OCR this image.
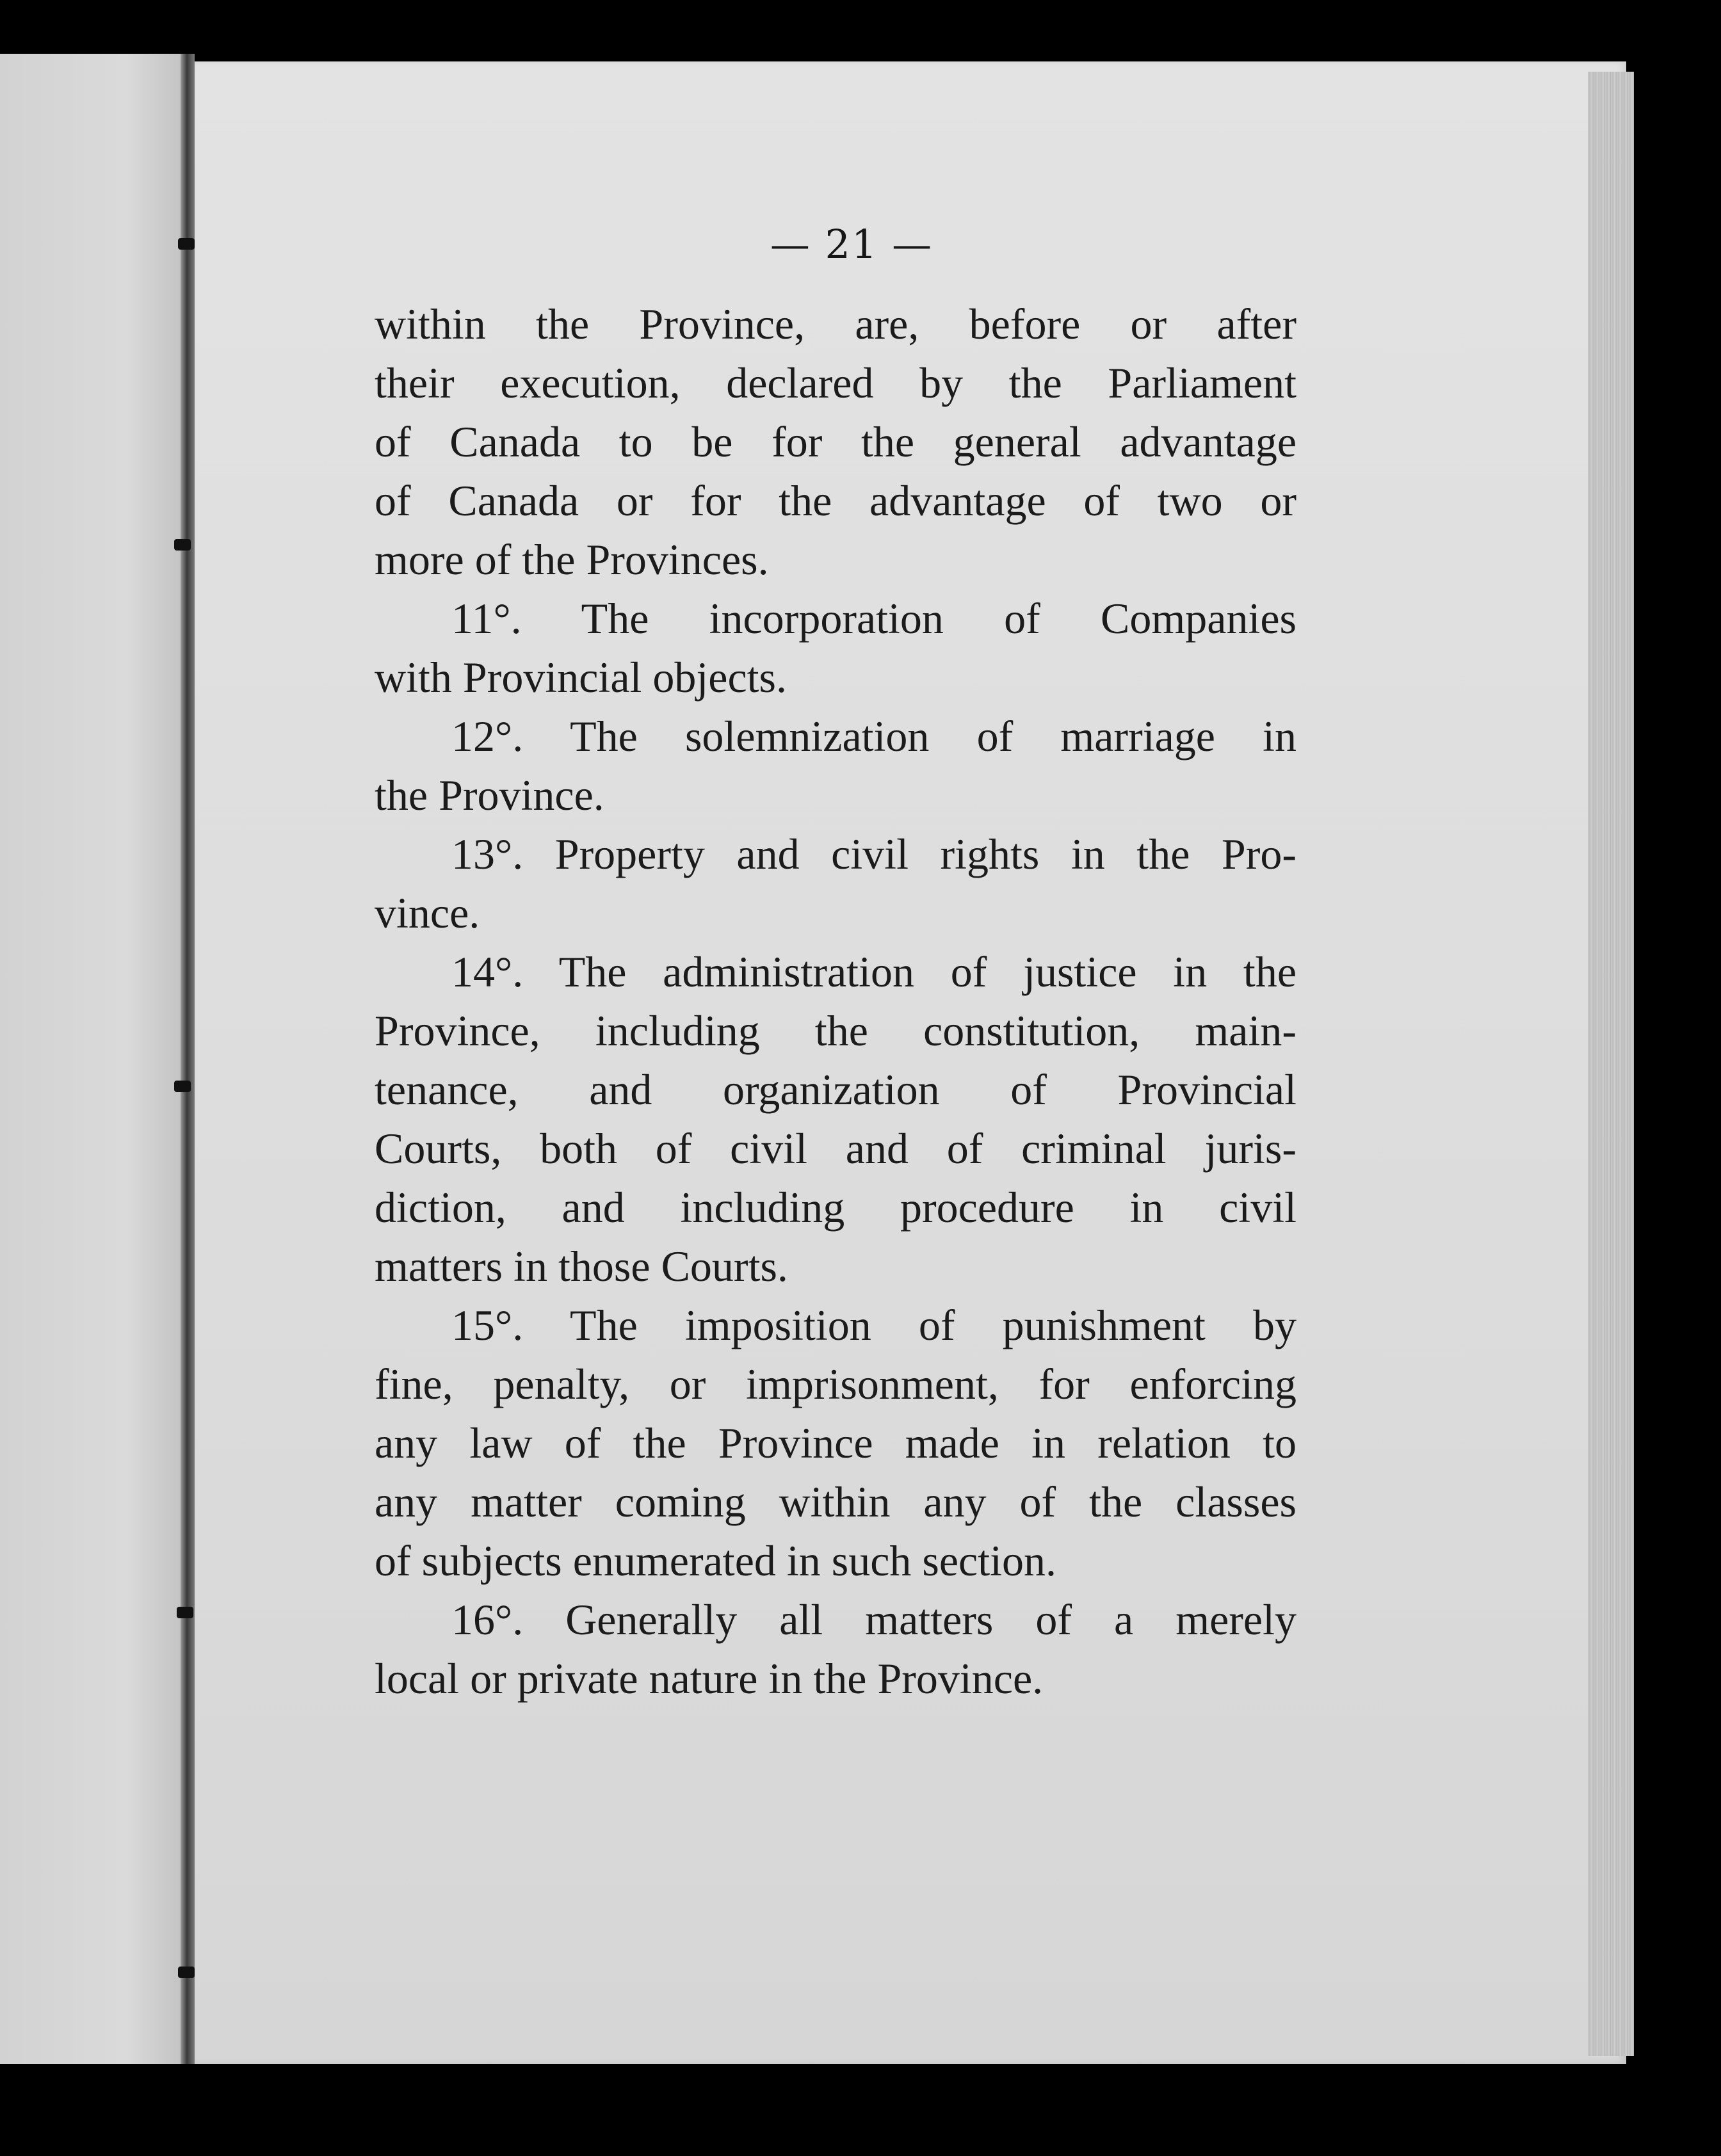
— 21 —
within the Province, are, before or after
their execution, declared by the Parliament
of Canada to be for the general advantage
of Canada or for the advantage of two or
more of the Provinces.
11°. The incorporation of Companies
with Provincial objects.
12°. The solemnization of marriage in
the Province.
13°. Property and civil rights in the Pro-
vince.
14°. The administration of justice in the
Province, including the constitution, main-
tenance, and organization of Provincial
Courts, both of civil and of criminal juris-
diction, and including procedure in civil
matters in those Courts.
15°. The imposition of punishment by
fine, penalty, or imprisonment, for enforcing
any law of the Province made in relation to
any matter coming within any of the classes
of subjects enumerated in such section.
16°. Generally all matters of a merely
local or private nature in the Province.
